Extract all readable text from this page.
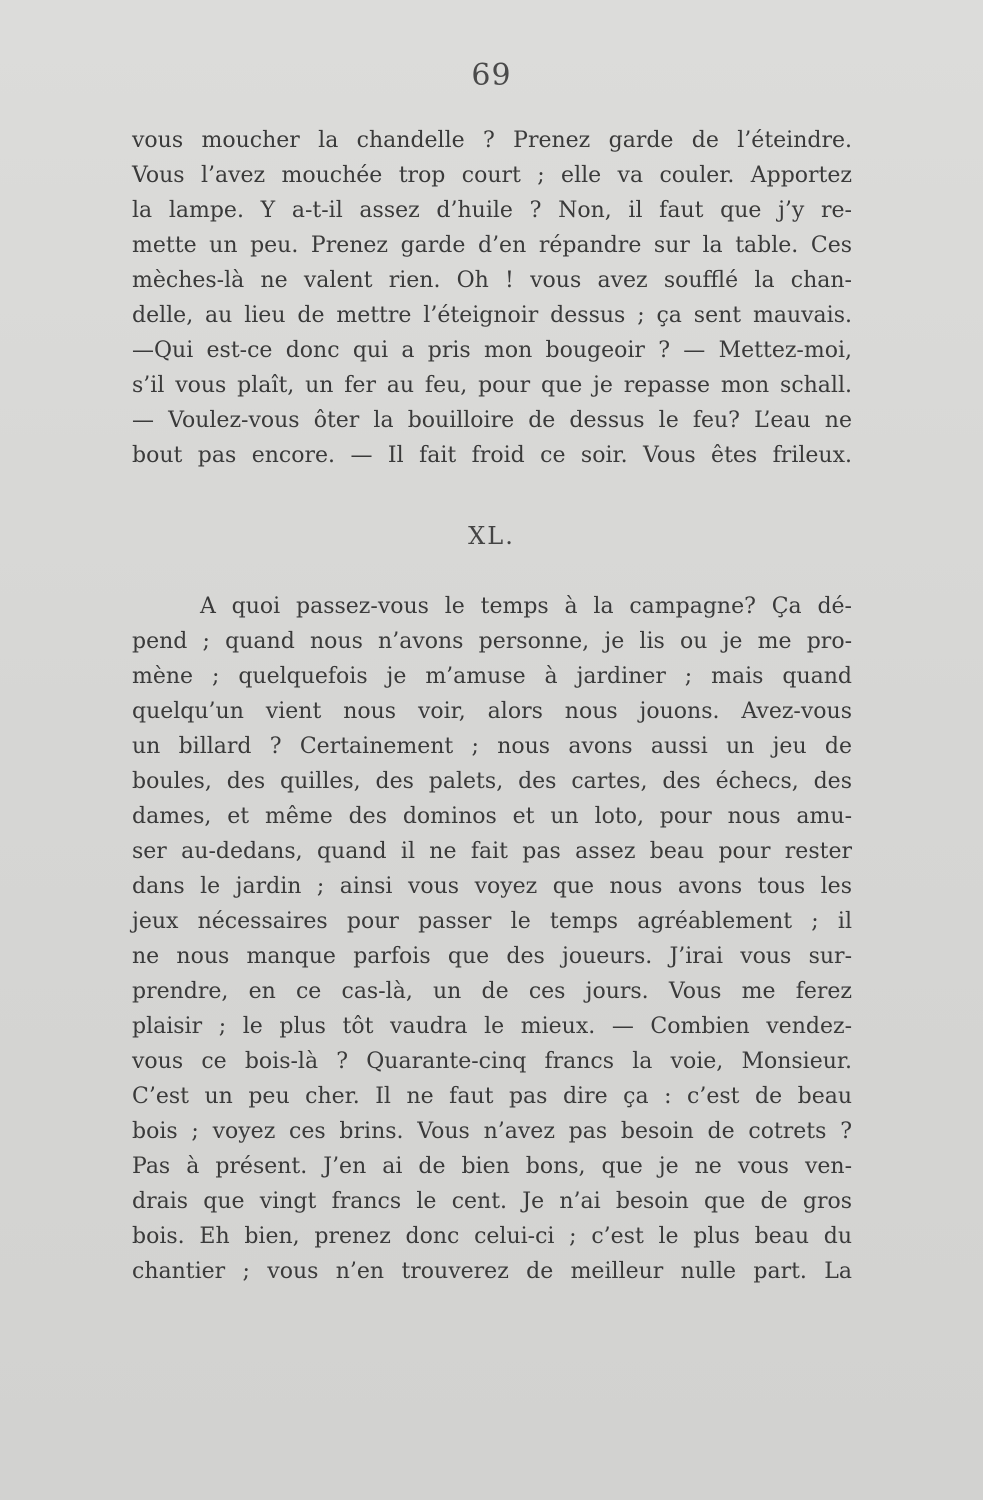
69
vous moucher la chandelle ? Prenez garde de l’éteindre.
Vous l’avez mouchée trop court ; elle va couler. Apportez
la lampe. Y a-t-il assez d’huile ? Non, il faut que j’y re-
mette un peu. Prenez garde d’en répandre sur la table. Ces
mèches-là ne valent rien. Oh ! vous avez soufflé la chan-
delle, au lieu de mettre l’éteignoir dessus ; ça sent mauvais.
—Qui est-ce donc qui a pris mon bougeoir ? — Mettez-moi,
s’il vous plaît, un fer au feu, pour que je repasse mon schall.
— Voulez-vous ôter la bouilloire de dessus le feu? L’eau ne
bout pas encore. — Il fait froid ce soir. Vous êtes frileux.
XL.
A quoi passez-vous le temps à la campagne? Ça dé-
pend ; quand nous n’avons personne, je lis ou je me pro-
mène ; quelquefois je m’amuse à jardiner ; mais quand
quelqu’un vient nous voir, alors nous jouons. Avez-vous
un billard ? Certainement ; nous avons aussi un jeu de
boules, des quilles, des palets, des cartes, des échecs, des
dames, et même des dominos et un loto, pour nous amu-
ser au-dedans, quand il ne fait pas assez beau pour rester
dans le jardin ; ainsi vous voyez que nous avons tous les
jeux nécessaires pour passer le temps agréablement ; il
ne nous manque parfois que des joueurs. J’irai vous sur-
prendre, en ce cas-là, un de ces jours. Vous me ferez
plaisir ; le plus tôt vaudra le mieux. — Combien vendez-
vous ce bois-là ? Quarante-cinq francs la voie, Monsieur.
C’est un peu cher. Il ne faut pas dire ça : c’est de beau
bois ; voyez ces brins. Vous n’avez pas besoin de cotrets ?
Pas à présent. J’en ai de bien bons, que je ne vous ven-
drais que vingt francs le cent. Je n’ai besoin que de gros
bois. Eh bien, prenez donc celui-ci ; c’est le plus beau du
chantier ; vous n’en trouverez de meilleur nulle part. La
